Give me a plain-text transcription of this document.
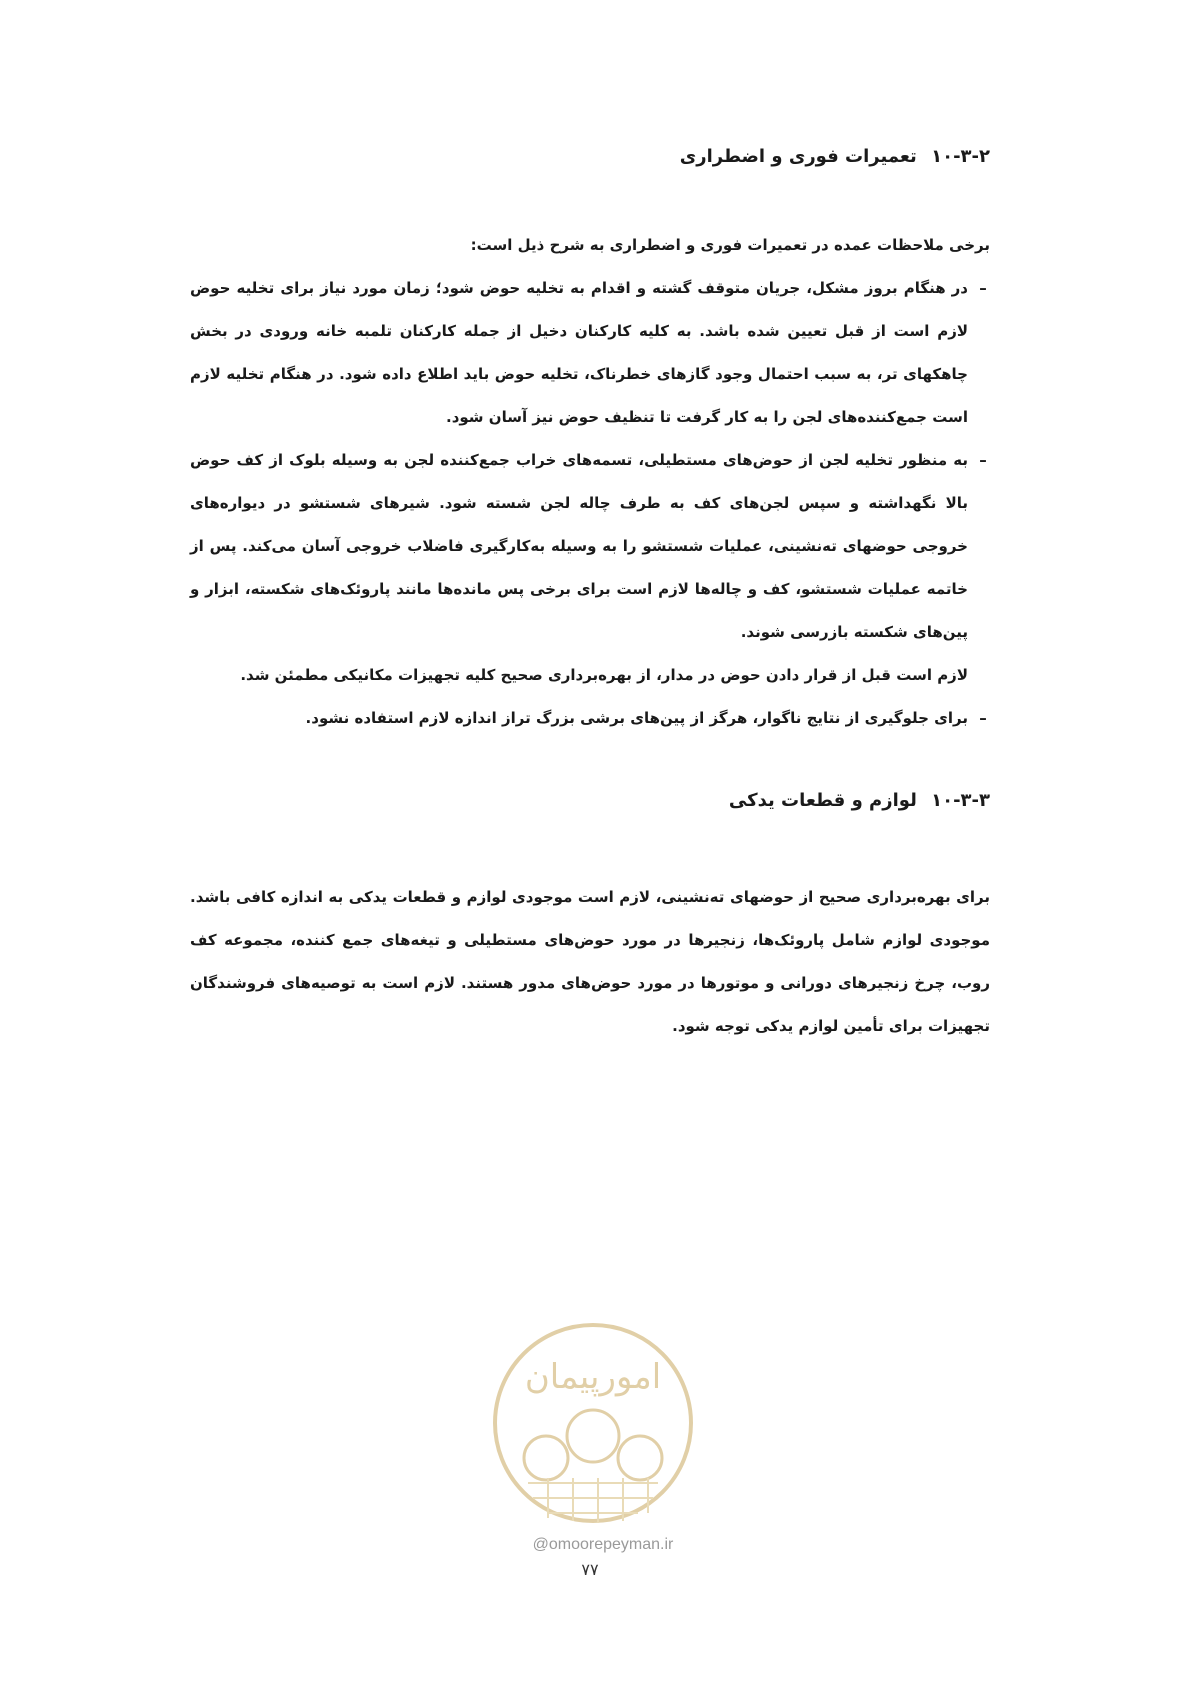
۱۰-۳-۲ تعمیرات فوری و اضطراری

برخی ملاحظات عمده در تعمیرات فوری و اضطراری به شرح ذیل است:

–
در هنگام بروز مشکل، جریان متوقف گشته و اقدام به تخلیه حوض شود؛ زمان مورد نیاز برای تخلیه حوض لازم است از قبل تعیین شده باشد. به کلیه کارکنان دخیل از جمله کارکنان تلمبه خانه ورودی در بخش چاهکهای تر، به سبب احتمال وجود گازهای خطرناک، تخلیه حوض باید اطلاع داده شود. در هنگام تخلیه لازم است جمع‌کننده‌های لجن را به کار گرفت تا تنظیف حوض نیز آسان شود.
–
به منظور تخلیه لجن از حوض‌های مستطیلی، تسمه‌های خراب جمع‌کننده لجن به وسیله بلوک از کف حوض بالا نگهداشته و سپس لجن‌های کف به طرف چاله لجن شسته شود. شیرهای شستشو در دیواره‌های خروجی حوضهای ته‌نشینی، عملیات شستشو را به وسیله به‌کارگیری فاضلاب خروجی آسان می‌کند. پس از خاتمه عملیات شستشو، کف و چاله‌ها لازم است برای برخی پس مانده‌ها مانند پاروئک‌های شکسته، ابزار و پین‌های شکسته بازرسی شوند.

لازم است قبل از قرار دادن حوض در مدار، از بهره‌برداری صحیح کلیه تجهیزات مکانیکی مطمئن شد.

–
برای جلوگیری از نتایج ناگوار، هرگز از پین‌های برشی بزرگ تراز اندازه لازم استفاده نشود.
۱۰-۳-۳ لوازم و قطعات یدکی

برای بهره‌برداری صحیح از حوضهای ته‌نشینی، لازم است موجودی لوازم و قطعات یدکی به اندازه کافی باشد. موجودی لوازم شامل پاروئک‌ها، زنجیرها در مورد حوض‌های مستطیلی و تیغه‌های جمع کننده، مجموعه کف روب، چرخ زنجیرهای دورانی و موتورها در مورد حوض‌های مدور هستند. لازم است به توصیه‌های فروشندگان تجهیزات برای تأمین لوازم یدکی توجه شود.

امورپیمان
@omoorepeyman.ir
۷۷
